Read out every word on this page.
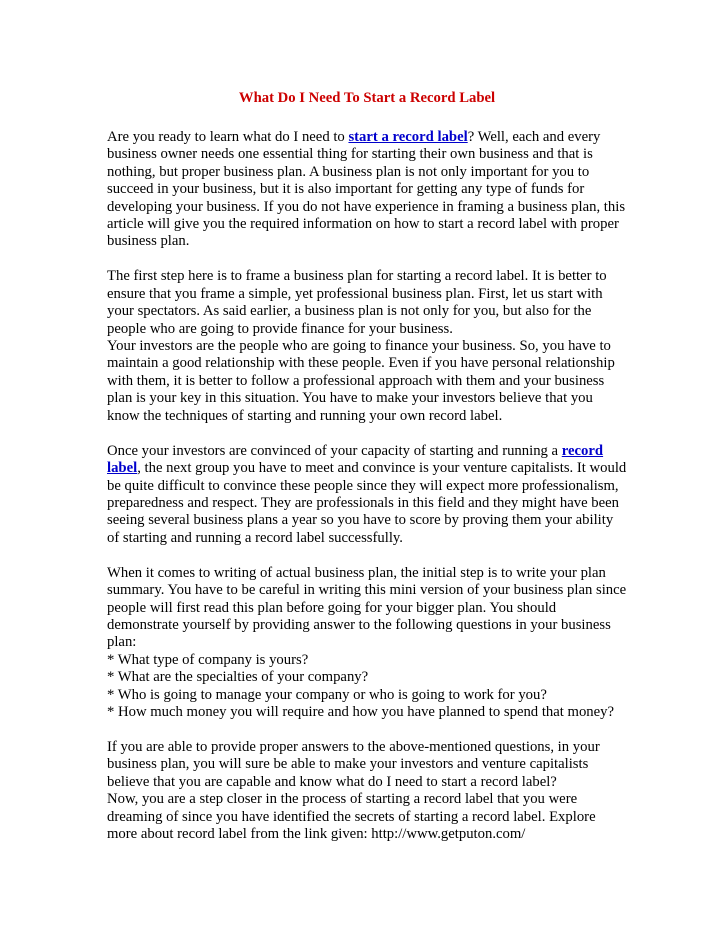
What Do I Need To Start a Record Label

Are you ready to learn what do I need to start a record label? Well, each and every business owner needs one essential thing for starting their own business and that is nothing, but proper business plan. A business plan is not only important for you to succeed in your business, but it is also important for getting any type of funds for developing your business. If you do not have experience in framing a business plan, this article will give you the required information on how to start a record label with proper business plan.

The first step here is to frame a business plan for starting a record label. It is better to ensure that you frame a simple, yet professional business plan. First, let us start with your spectators. As said earlier, a business plan is not only for you, but also for the people who are going to provide finance for your business.

Your investors are the people who are going to finance your business. So, you have to maintain a good relationship with these people. Even if you have personal relationship with them, it is better to follow a professional approach with them and your business plan is your key in this situation. You have to make your investors believe that you know the techniques of starting and running your own record label.

Once your investors are convinced of your capacity of starting and running a record label, the next group you have to meet and convince is your venture capitalists. It would be quite difficult to convince these people since they will expect more professionalism, preparedness and respect. They are professionals in this field and they might have been seeing several business plans a year so you have to score by proving them your ability of starting and running a record label successfully.

When it comes to writing of actual business plan, the initial step is to write your plan summary. You have to be careful in writing this mini version of your business plan since people will first read this plan before going for your bigger plan. You should demonstrate yourself by providing answer to the following questions in your business plan:

* What type of company is yours?

* What are the specialties of your company?

* Who is going to manage your company or who is going to work for you?

* How much money you will require and how you have planned to spend that money?

If you are able to provide proper answers to the above-mentioned questions, in your business plan, you will sure be able to make your investors and venture capitalists believe that you are capable and know what do I need to start a record label?

Now, you are a step closer in the process of starting a record label that you were dreaming of since you have identified the secrets of starting a record label. Explore more about record label from the link given: http://www.getputon.com/
